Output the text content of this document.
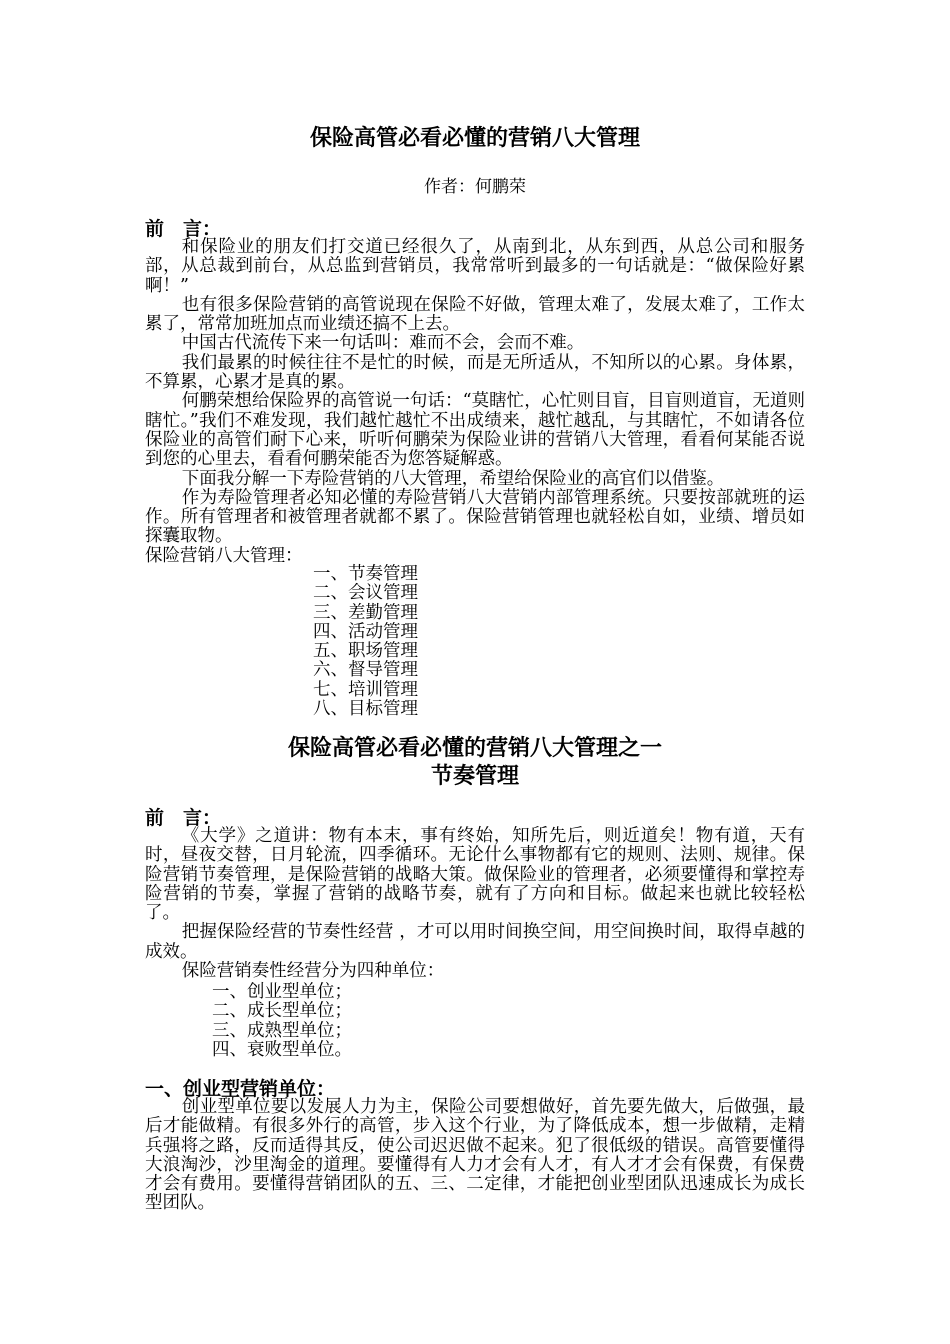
保险高管必看必懂的营销八大管理
作者：何鹏荣
前　言：

和保险业的朋友们打交道已经很久了，从南到北，从东到西，从总公司和服务部，从总裁到前台，从总监到营销员，我常常听到最多的一句话就是：“做保险好累啊！”

也有很多保险营销的高管说现在保险不好做，管理太难了，发展太难了，工作太累了，常常加班加点而业绩还搞不上去。

中国古代流传下来一句话叫：难而不会，会而不难。

我们最累的时候往往不是忙的时候，而是无所适从，不知所以的心累。身体累，不算累，心累才是真的累。

何鹏荣想给保险界的高管说一句话：“莫瞎忙，心忙则目盲，目盲则道盲，无道则瞎忙。”我们不难发现，我们越忙越忙不出成绩来，越忙越乱，与其瞎忙，不如请各位保险业的高管们耐下心来，听听何鹏荣为保险业讲的营销八大管理，看看何某能否说到您的心里去，看看何鹏荣能否为您答疑解惑。

下面我分解一下寿险营销的八大管理，希望给保险业的高官们以借鉴。

作为寿险管理者必知必懂的寿险营销八大营销内部管理系统。只要按部就班的运作。所有管理者和被管理者就都不累了。保险营销管理也就轻松自如，业绩、增员如探囊取物。

保险营销八大管理：

一、节奏管理
二、会议管理
三、差勤管理
四、活动管理
五、职场管理
六、督导管理
七、培训管理
八、目标管理
保险高管必看必懂的营销八大管理之一
节奏管理
前　言：

《大学》之道讲：物有本末，事有终始，知所先后，则近道矣！物有道，天有时，昼夜交替，日月轮流，四季循环。无论什么事物都有它的规则、法则、规律。保险营销节奏管理，是保险营销的战略大策。做保险业的管理者，必须要懂得和掌控寿险营销的节奏，掌握了营销的战略节奏，就有了方向和目标。做起来也就比较轻松了。

把握保险经营的节奏性经营 ，才可以用时间换空间，用空间换时间，取得卓越的成效。

保险营销奏性经营分为四种单位：

一、创业型单位；
二、成长型单位；
三、成熟型单位；
四、衰败型单位。
一、创业型营销单位：

创业型单位要以发展人力为主，保险公司要想做好，首先要先做大，后做强，最后才能做精。有很多外行的高管，步入这个行业，为了降低成本，想一步做精，走精兵强将之路，反而适得其反，使公司迟迟做不起来。犯了很低级的错误。高管要懂得大浪淘沙，沙里淘金的道理。要懂得有人力才会有人才，有人才才会有保费，有保费才会有费用。要懂得营销团队的五、三、二定律，才能把创业型团队迅速成长为成长型团队。
